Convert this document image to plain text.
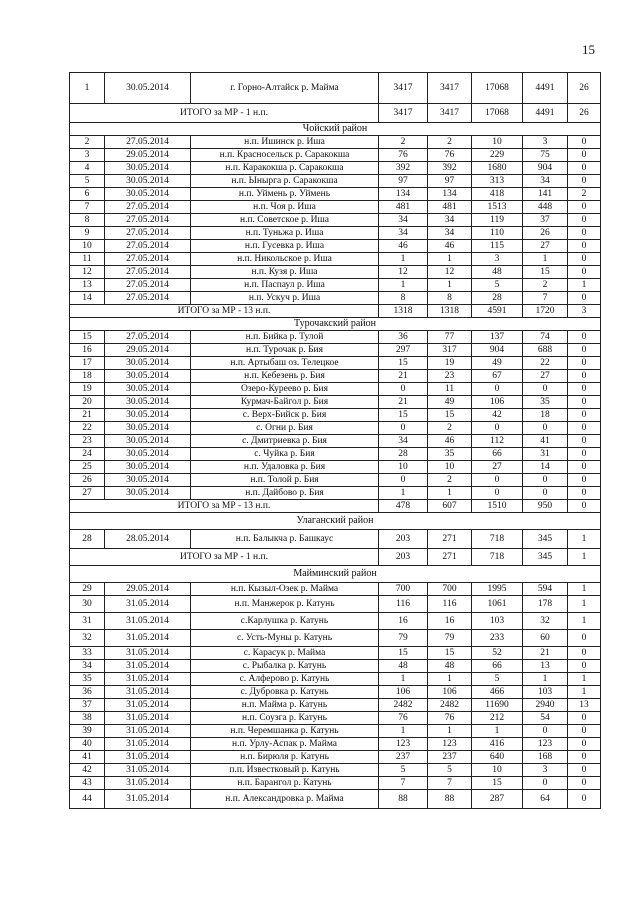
15
1	30.05.2014	г. Горно-Алтайск р. Майма	3417	3417	17068	4491	26
ИТОГО за МР - 1 н.п.			3417	3417	17068	4491	26
Чойский район							
2	27.05.2014	н.п. Ишинск р. Иша	2	2	10	3	0
3	29.05.2014	н.п. Красносельск р. Саракокша	76	76	229	75	0
4	30.05.2014	н.п. Каракокша р. Саракокша	392	392	1680	904	0
5	30.05.2014	н.п. Ынырга р. Саракокша	97	97	313	34	0
6	30.05.2014	н.п. Уймень р. Уймень	134	134	418	141	2
7	27.05.2014	н.п. Чоя р. Иша	481	481	1513	448	0
8	27.05.2014	н.п. Советское р. Иша	34	34	119	37	0
9	27.05.2014	н.п. Туньжа р. Иша	34	34	110	26	0
10	27.05.2014	н.п. Гусевка р. Иша	46	46	115	27	0
11	27.05.2014	н.п. Никольское р. Иша	1	1	3	1	0
12	27.05.2014	н.п. Кузя р. Иша	12	12	48	15	0
13	27.05.2014	н.п. Паспаул р. Иша	1	1	5	2	1
14	27.05.2014	н.п. Ускуч р. Иша	8	8	28	7	0
ИТОГО за МР - 13 н.п.			1318	1318	4591	1720	3
Турочакский район							
15	27.05.2014	н.п. Бийка р. Тулой	36	77	137	74	0
16	29.05.2014	н.п. Турочак р. Бия	297	317	904	688	0
17	30.05.2014	н.п. Артыбаш оз. Телецкое	15	19	49	22	0
18	30.05.2014	н.п. Кебезень р. Бия	21	23	67	27	0
19	30.05.2014	Озеро-Куреево р. Бия	0	11	0	0	0
20	30.05.2014	Курмач-Байгол р. Бия	21	49	106	35	0
21	30.05.2014	с. Верх-Бийск р. Бия	15	15	42	18	0
22	30.05.2014	с. Огни р. Бия	0	2	0	0	0
23	30.05.2014	с. Дмитриевка р. Бия	34	46	112	41	0
24	30.05.2014	с. Чуйка р. Бия	28	35	66	31	0
25	30.05.2014	н.п. Удаловка р. Бия	10	10	27	14	0
26	30.05.2014	н.п. Толой р. Бия	0	2	0	0	0
27	30.05.2014	н.п. Дайбово р. Бия	1	1	0	0	0
ИТОГО за МР - 13 н.п.			478	607	1510	950	0
Улаганский район							
28	28.05.2014	н.п. Балыкча р. Башкаус	203	271	718	345	1
ИТОГО за МР - 1 н.п.			203	271	718	345	1
Майминский район							
29	29.05.2014	н.п. Кызыл-Озек р. Майма	700	700	1995	594	1
30	31.05.2014	н.п. Манжерок р. Катунь	116	116	1061	178	1
31	31.05.2014	с.Карлушка р. Катунь	16	16	103	32	1
32	31.05.2014	с. Усть-Муны р. Катунь	79	79	233	60	0
33	31.05.2014	с. Карасук р. Майма	15	15	52	21	0
34	31.05.2014	с. Рыбалка р. Катунь	48	48	66	13	0
35	31.05.2014	с. Алферово р. Катунь	1	1	5	1	1
36	31.05.2014	с. Дубровка р. Катунь	106	106	466	103	1
37	31.05.2014	н.п. Майма р. Катунь	2482	2482	11690	2940	13
38	31.05.2014	н.п. Соузга р. Катунь	76	76	212	54	0
39	31.05.2014	н.п. Черемшанка р. Катунь	1	1	1	0	0
40	31.05.2014	н.п. Урлу-Аспак р. Майма	123	123	416	123	0
41	31.05.2014	н.п. Бирюля р. Катунь	237	237	640	168	0
42	31.05.2014	п.п. Известковый р. Катунь	5	5	10	3	0
43	31.05.2014	н.п. Барангол р. Катунь	7	7	15	0	0
44	31.05.2014	н.п. Александровка р. Майма	88	88	287	64	0
